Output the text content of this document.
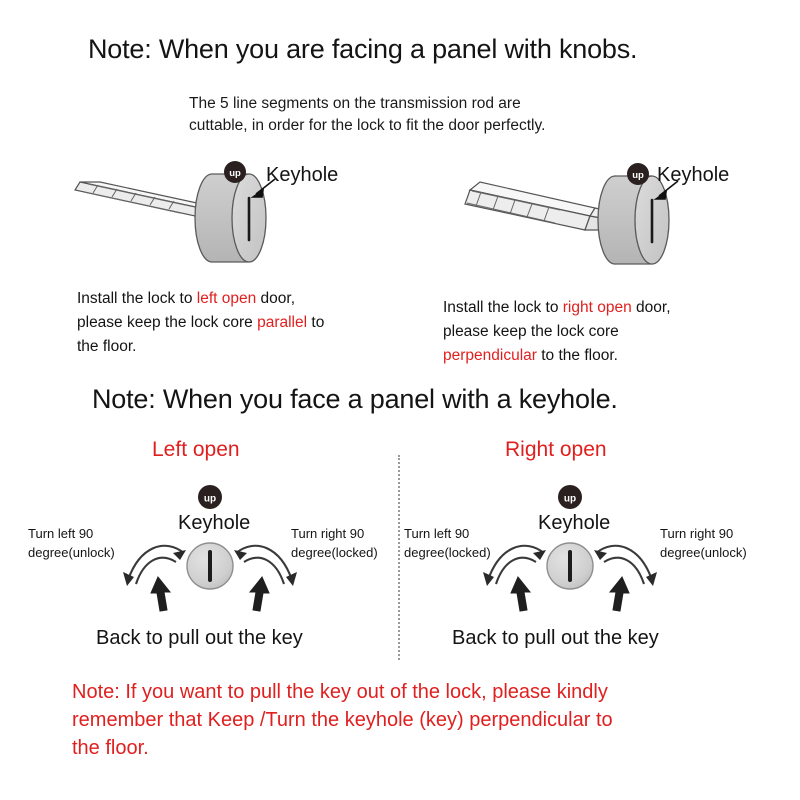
Note: When you are facing a panel with knobs.
The 5 line segments on the transmission rod are
cuttable, in order for the lock to fit the door perfectly.
up Keyhole
Install the lock to left open door, please keep the lock core parallel to the floor.
up Keyhole
Install the lock to right open door, please keep the lock core perpendicular to the floor.
Note: When you face a panel with a keyhole.
Left open	Right open
up
Keyhole
Turn left 90
degree(unlock)
Turn right 90
degree(locked)
Back to pull out the key
up
Keyhole
Turn left 90
degree(locked)
Turn right 90
degree(unlock)
Back to pull out the key
Note: If you want to pull the key out of the lock, please kindly
remember that Keep /Turn the keyhole (key) perpendicular to
the floor.
